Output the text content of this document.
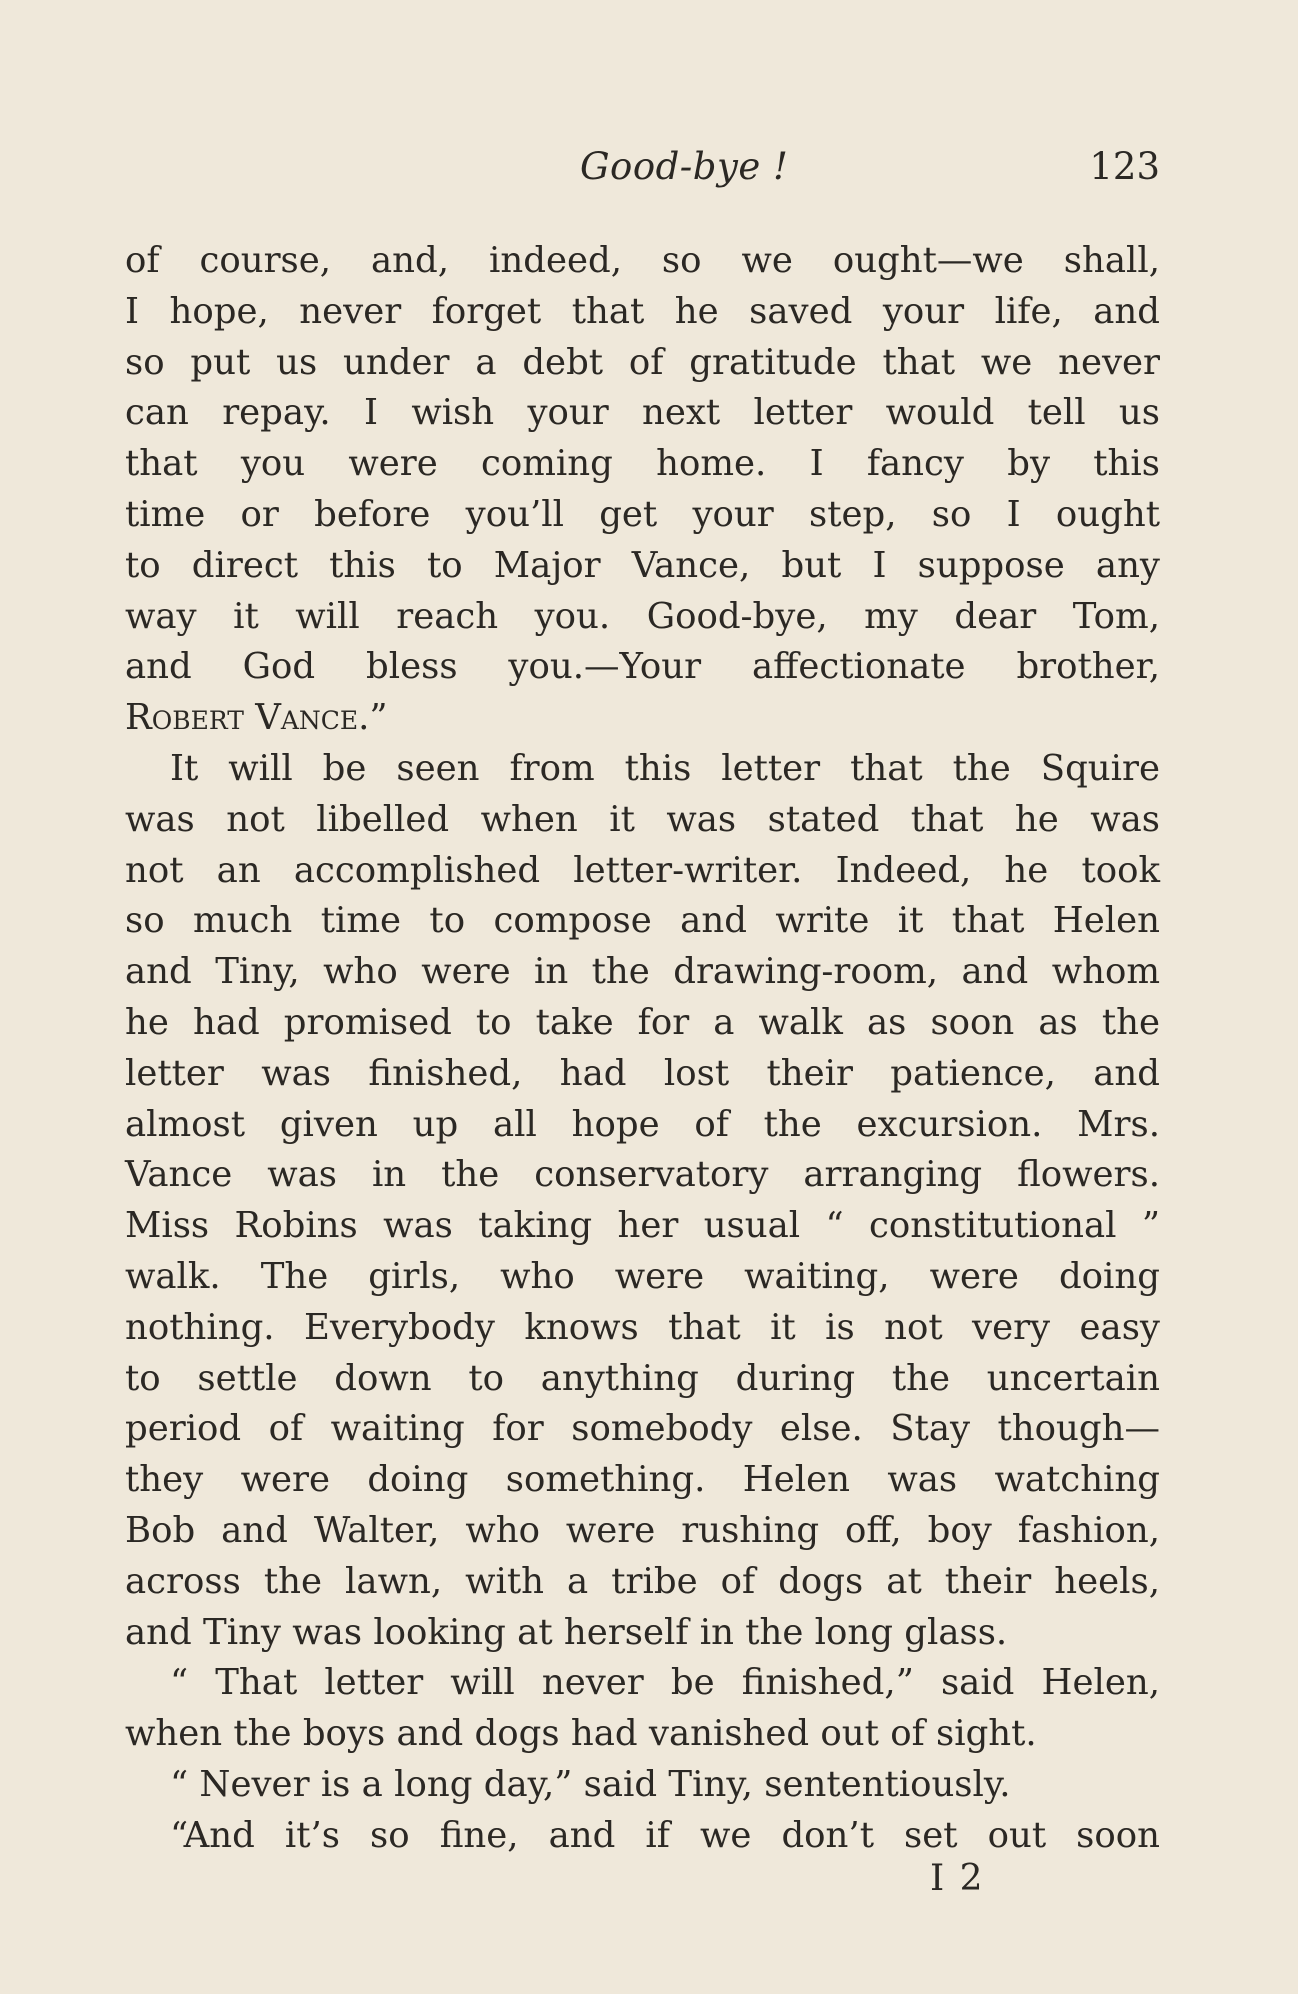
Good-bye !	123
of course, and, indeed, so we ought—we shall,
I hope, never forget that he saved your life, and
so put us under a debt of gratitude that we never
can repay. I wish your next letter would tell us
that you were coming home. I fancy by this
time or before you’ll get your step, so I ought
to direct this to Major Vance, but I suppose any
way it will reach you. Good-bye, my dear Tom,
and God bless you.—Your affectionate brother,
Robert Vance.”
It will be seen from this letter that the Squire
was not libelled when it was stated that he was
not an accomplished letter-writer. Indeed, he took
so much time to compose and write it that Helen
and Tiny, who were in the drawing-room, and whom
he had promised to take for a walk as soon as the
letter was finished, had lost their patience, and
almost given up all hope of the excursion. Mrs.
Vance was in the conservatory arranging flowers.
Miss Robins was taking her usual “ constitutional ”
walk. The girls, who were waiting, were doing
nothing. Everybody knows that it is not very easy
to settle down to anything during the uncertain
period of waiting for somebody else. Stay though—
they were doing something. Helen was watching
Bob and Walter, who were rushing off, boy fashion,
across the lawn, with a tribe of dogs at their heels,
and Tiny was looking at herself in the long glass.
“ That letter will never be finished,” said Helen,
when the boys and dogs had vanished out of sight.
“ Never is a long day,” said Tiny, sententiously.
“And it’s so fine, and if we don’t set out soon
I 2
